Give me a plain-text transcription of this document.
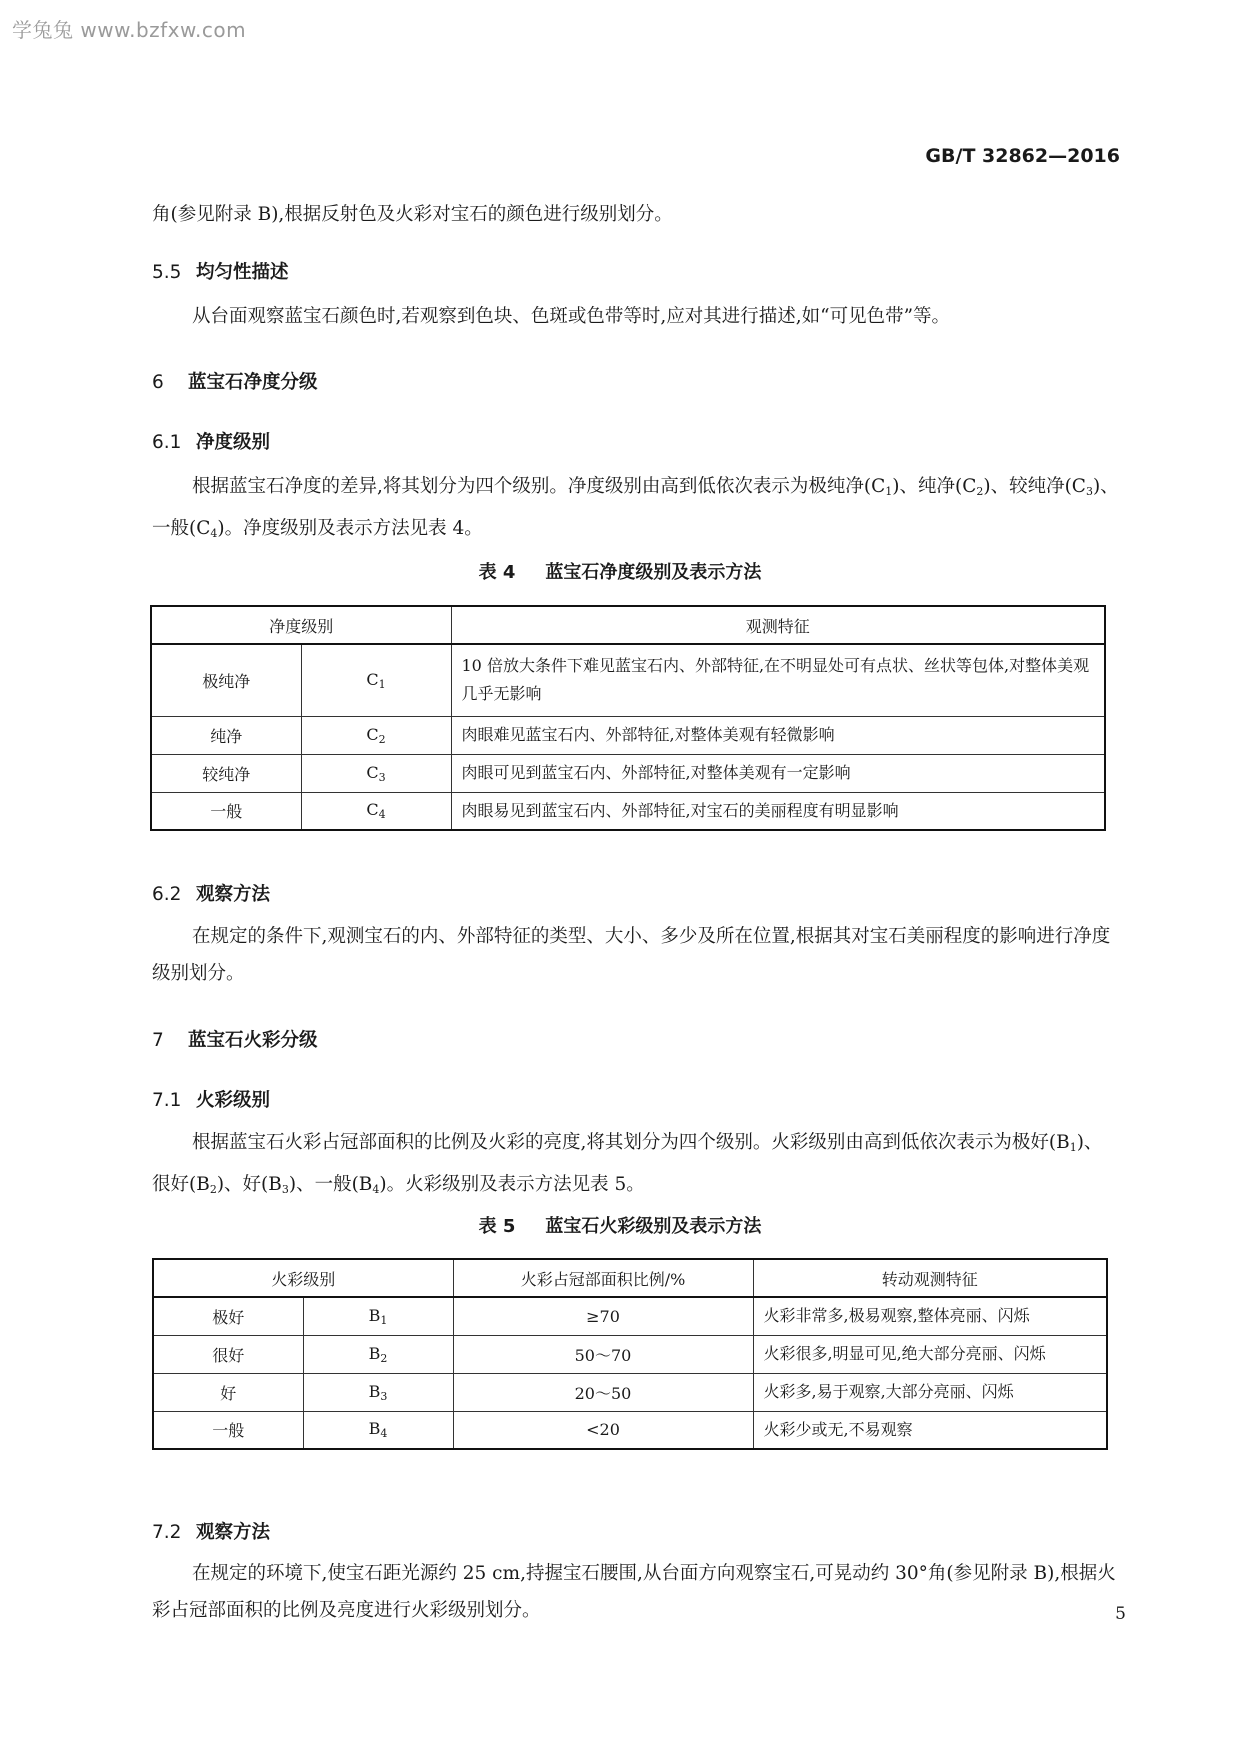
学兔兔 www.bzfxw.com
GB/T 32862—2016

角(参见附录 B),根据反射色及火彩对宝石的颜色进行级别划分。

5.5 均匀性描述

从台面观察蓝宝石颜色时,若观察到色块、色斑或色带等时,应对其进行描述,如“可见色带”等。

6 蓝宝石净度分级
6.1 净度级别

根据蓝宝石净度的差异,将其划分为四个级别。净度级别由高到低依次表示为极纯净$(C_1)$、纯净$(C_2)$、较纯净$(C_3)$、一般$(C_4)$。净度级别及表示方法见表 4。

表 4 蓝宝石净度级别及表示方法
净度级别		观测特征
极纯净	$C_1$	10 倍放大条件下难见蓝宝石内、外部特征,在不明显处可有点状、丝状等包体,对整体美观几乎无影响
纯净	$C_2$	肉眼难见蓝宝石内、外部特征,对整体美观有轻微影响
较纯净	$C_3$	肉眼可见到蓝宝石内、外部特征,对整体美观有一定影响
一般	$C_4$	肉眼易见到蓝宝石内、外部特征,对宝石的美丽程度有明显影响
6.2 观察方法

在规定的条件下,观测宝石的内、外部特征的类型、大小、多少及所在位置,根据其对宝石美丽程度的影响进行净度级别划分。

7 蓝宝石火彩分级
7.1 火彩级别

根据蓝宝石火彩占冠部面积的比例及火彩的亮度,将其划分为四个级别。火彩级别由高到低依次表示为极好$(B_1)$、很好$(B_2)$、好$(B_3)$、一般$(B_4)$。火彩级别及表示方法见表 5。

表 5 蓝宝石火彩级别及表示方法
火彩级别		火彩占冠部面积比例/%	转动观测特征
极好	$B_1$	≥70	火彩非常多,极易观察,整体亮丽、闪烁
很好	$B_2$	50～70	火彩很多,明显可见,绝大部分亮丽、闪烁
好	$B_3$	20～50	火彩多,易于观察,大部分亮丽、闪烁
一般	$B_4$	<20	火彩少或无,不易观察
7.2 观察方法

在规定的环境下,使宝石距光源约 25 cm,持握宝石腰围,从台面方向观察宝石,可晃动约 30°角(参见附录 B),根据火彩占冠部面积的比例及亮度进行火彩级别划分。	5
